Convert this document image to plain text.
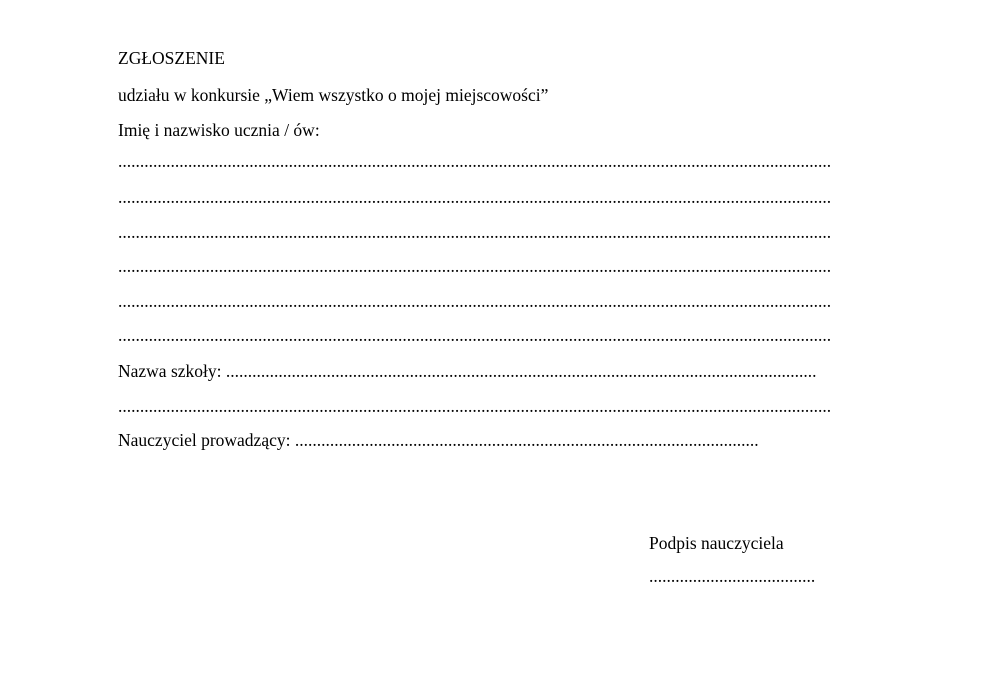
ZGŁOSZENIE
udziału w konkursie „Wiem wszystko o mojej miejscowości”
Imię i nazwisko ucznia / ów:
...................................................................................................................................................................
...................................................................................................................................................................
...................................................................................................................................................................
...................................................................................................................................................................
...................................................................................................................................................................
...................................................................................................................................................................
Nazwa szkoły: .......................................................................................................................................
...................................................................................................................................................................
Nauczyciel prowadzący: ..........................................................................................................
Podpis nauczyciela
......................................
